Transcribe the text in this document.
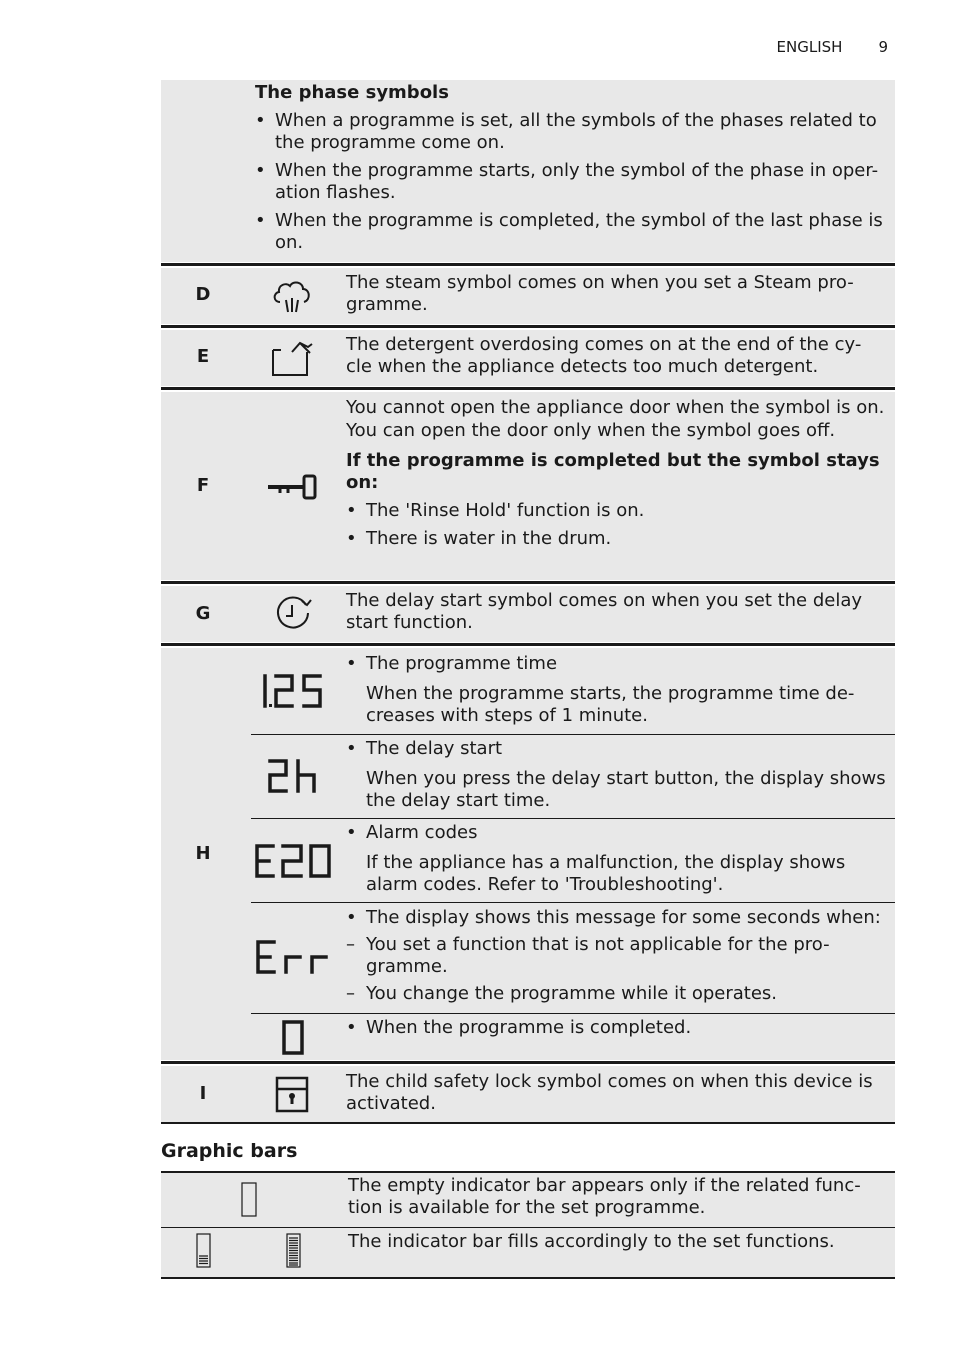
ENGLISH 9
The phase symbols
• When a programme is set, all the symbols of the phases related to the programme come on.
• When the programme starts, only the symbol of the phase in oper-ation flashes.
• When the programme is completed, the symbol of the last phase is on.
D
The steam symbol comes on when you set a Steam pro-gramme.
E
The detergent overdosing comes on at the end of the cy-cle when the appliance detects too much detergent.
F
You cannot open the appliance door when the symbol is on.
You can open the door only when the symbol goes off.
If the programme is completed but the symbol stays on:
• The 'Rinse Hold' function is on.
• There is water in the drum.
G
The delay start symbol comes on when you set the delay start function.
H
• The programme time
When the programme starts, the programme time de-creases with steps of 1 minute.
• The delay start
When you press the delay start button, the display shows the delay start time.
• Alarm codes
If the appliance has a malfunction, the display shows alarm codes. Refer to 'Troubleshooting'.
• The display shows this message for some seconds when:
– You set a function that is not applicable for the pro-gramme.
– You change the programme while it operates.
• When the programme is completed.
I
The child safety lock symbol comes on when this device is activated.
Graphic bars
The empty indicator bar appears only if the related func-tion is available for the set programme.
The indicator bar fills accordingly to the set functions.
